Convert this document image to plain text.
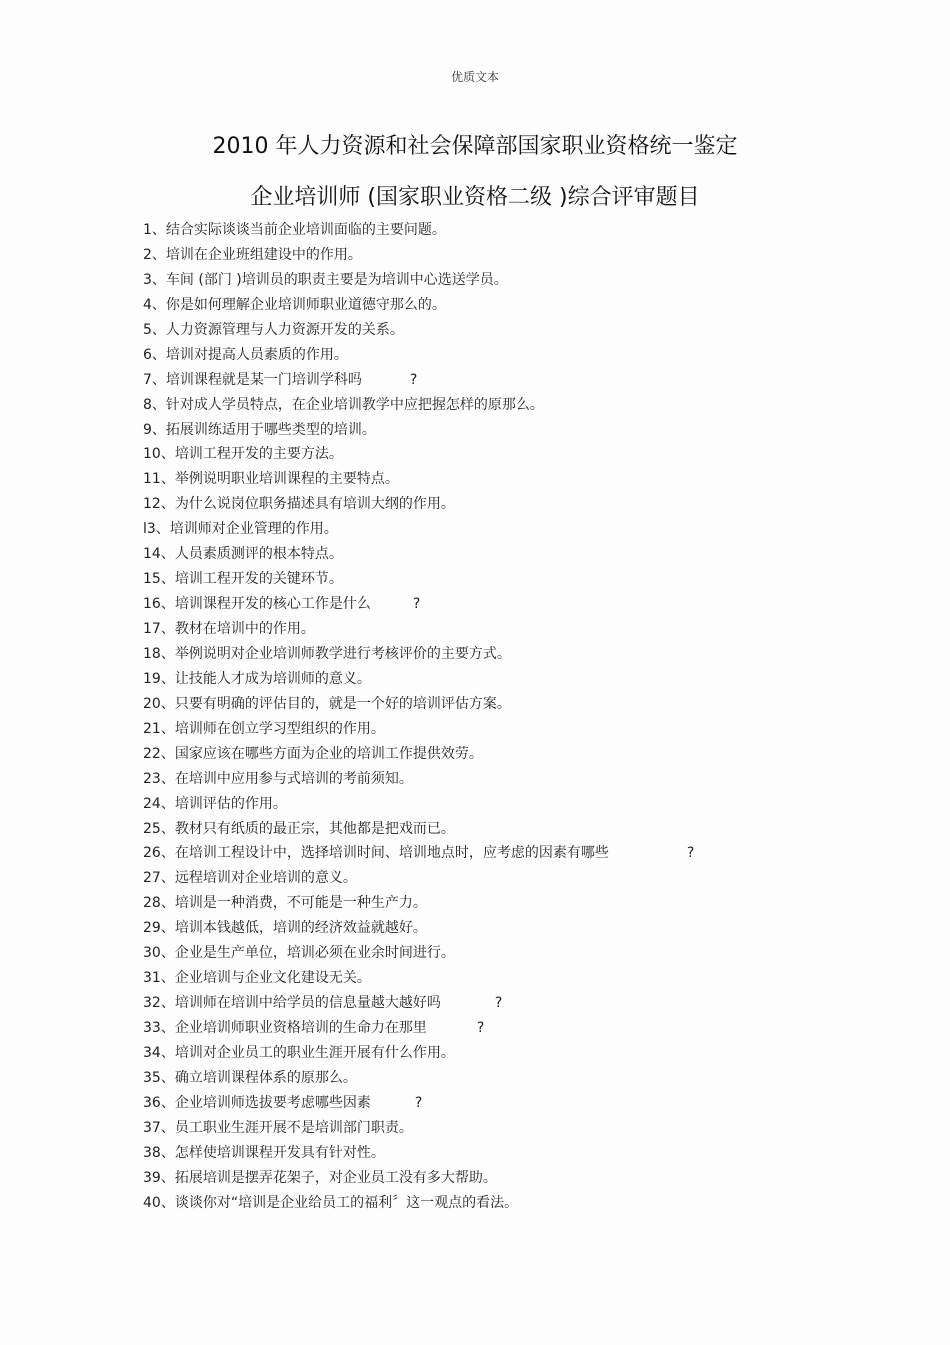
优质文本
2010 年人力资源和社会保障部国家职业资格统一鉴定
企业培训师 (国家职业资格二级 )综合评审题目
1、结合实际谈谈当前企业培训面临的主要问题。
2、培训在企业班组建设中的作用。
3、车间 (部门 )培训员的职责主要是为培训中心选送学员。
4、你是如何理解企业培训师职业道德守那么的。
5、人力资源管理与人力资源开发的关系。
6、培训对提高人员素质的作用。
7、培训课程就是某一门培训学科吗	?
8、针对成人学员特点，在企业培训教学中应把握怎样的原那么。
9、拓展训练适用于哪些类型的培训。
10、培训工程开发的主要方法。
11、举例说明职业培训课程的主要特点。
12、为什么说岗位职务描述具有培训大纲的作用。
l3、培训师对企业管理的作用。
14、人员素质测评的根本特点。
15、培训工程开发的关键环节。
16、培训课程开发的核心工作是什么	?
17、教材在培训中的作用。
18、举例说明对企业培训师教学进行考核评价的主要方式。
19、让技能人才成为培训师的意义。
20、只要有明确的评估目的，就是一个好的培训评估方案。
21、培训师在创立学习型组织的作用。
22、国家应该在哪些方面为企业的培训工作提供效劳。
23、在培训中应用参与式培训的考前须知。
24、培训评估的作用。
25、教材只有纸质的最正宗，其他都是把戏而已。
26、在培训工程设计中，选择培训时间、培训地点时，应考虑的因素有哪些	?
27、远程培训对企业培训的意义。
28、培训是一种消费，不可能是一种生产力。
29、培训本钱越低，培训的经济效益就越好。
30、企业是生产单位，培训必须在业余时间进行。
31、企业培训与企业文化建设无关。
32、培训师在培训中给学员的信息量越大越好吗	?
33、企业培训师职业资格培训的生命力在那里	?
34、培训对企业员工的职业生涯开展有什么作用。
35、确立培训课程体系的原那么。
36、企业培训师选拔要考虑哪些因素	?
37、员工职业生涯开展不是培训部门职责。
38、怎样使培训课程开发具有针对性。
39、拓展培训是摆弄花架子，对企业员工没有多大帮助。
40、谈谈你对“培训是企业给员工的福利〞这一观点的看法。
